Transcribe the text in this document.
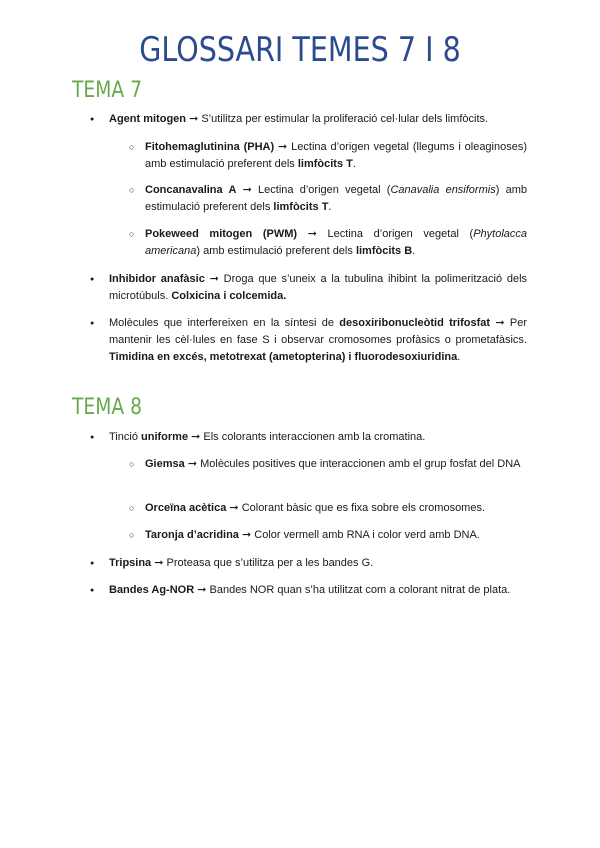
GLOSSARI TEMES 7 I 8
TEMA 7
● Agent mitogen ➞ S’utilitza per estimular la proliferació cel·lular dels limfòcits.
○ Fitohemaglutinina (PHA) ➞ Lectina d’origen vegetal (llegums i oleaginoses) amb estimulació preferent dels limfòcits T.
○ Concanavalina A ➞ Lectina d’origen vegetal (Canavalia ensiformis) amb estimulació preferent dels limfòcits T.
○ Pokeweed mitogen (PWM) ➞ Lectina d’origen vegetal (Phytolacca americana) amb estimulació preferent dels limfòcits B.
● Inhibidor anafàsic ➞ Droga que s’uneix a la tubulina ihibint la polimerització dels microtúbuls. Colxicina i colcemida.
● Molècules que interfereixen en la síntesi de desoxiribonucleòtid trifosfat ➞ Per mantenir les cèl·lules en fase S i observar cromosomes profàsics o prometafàsics. Timidina en excés, metotrexat (ametopterina) i fluorodesoxiuridina.
TEMA 8
● Tinció uniforme ➞ Els colorants interaccionen amb la cromatina.
○ Giemsa ➞ Molècules positives que interaccionen amb el grup fosfat del DNA
○ Orceïna acètica ➞ Colorant bàsic que es fixa sobre els cromosomes.
○ Taronja d’acridina ➞ Color vermell amb RNA i color verd amb DNA.
● Tripsina ➞ Proteasa que s’utilitza per a les bandes G.
● Bandes Ag-NOR ➞ Bandes NOR quan s’ha utilitzat com a colorant nitrat de plata.
